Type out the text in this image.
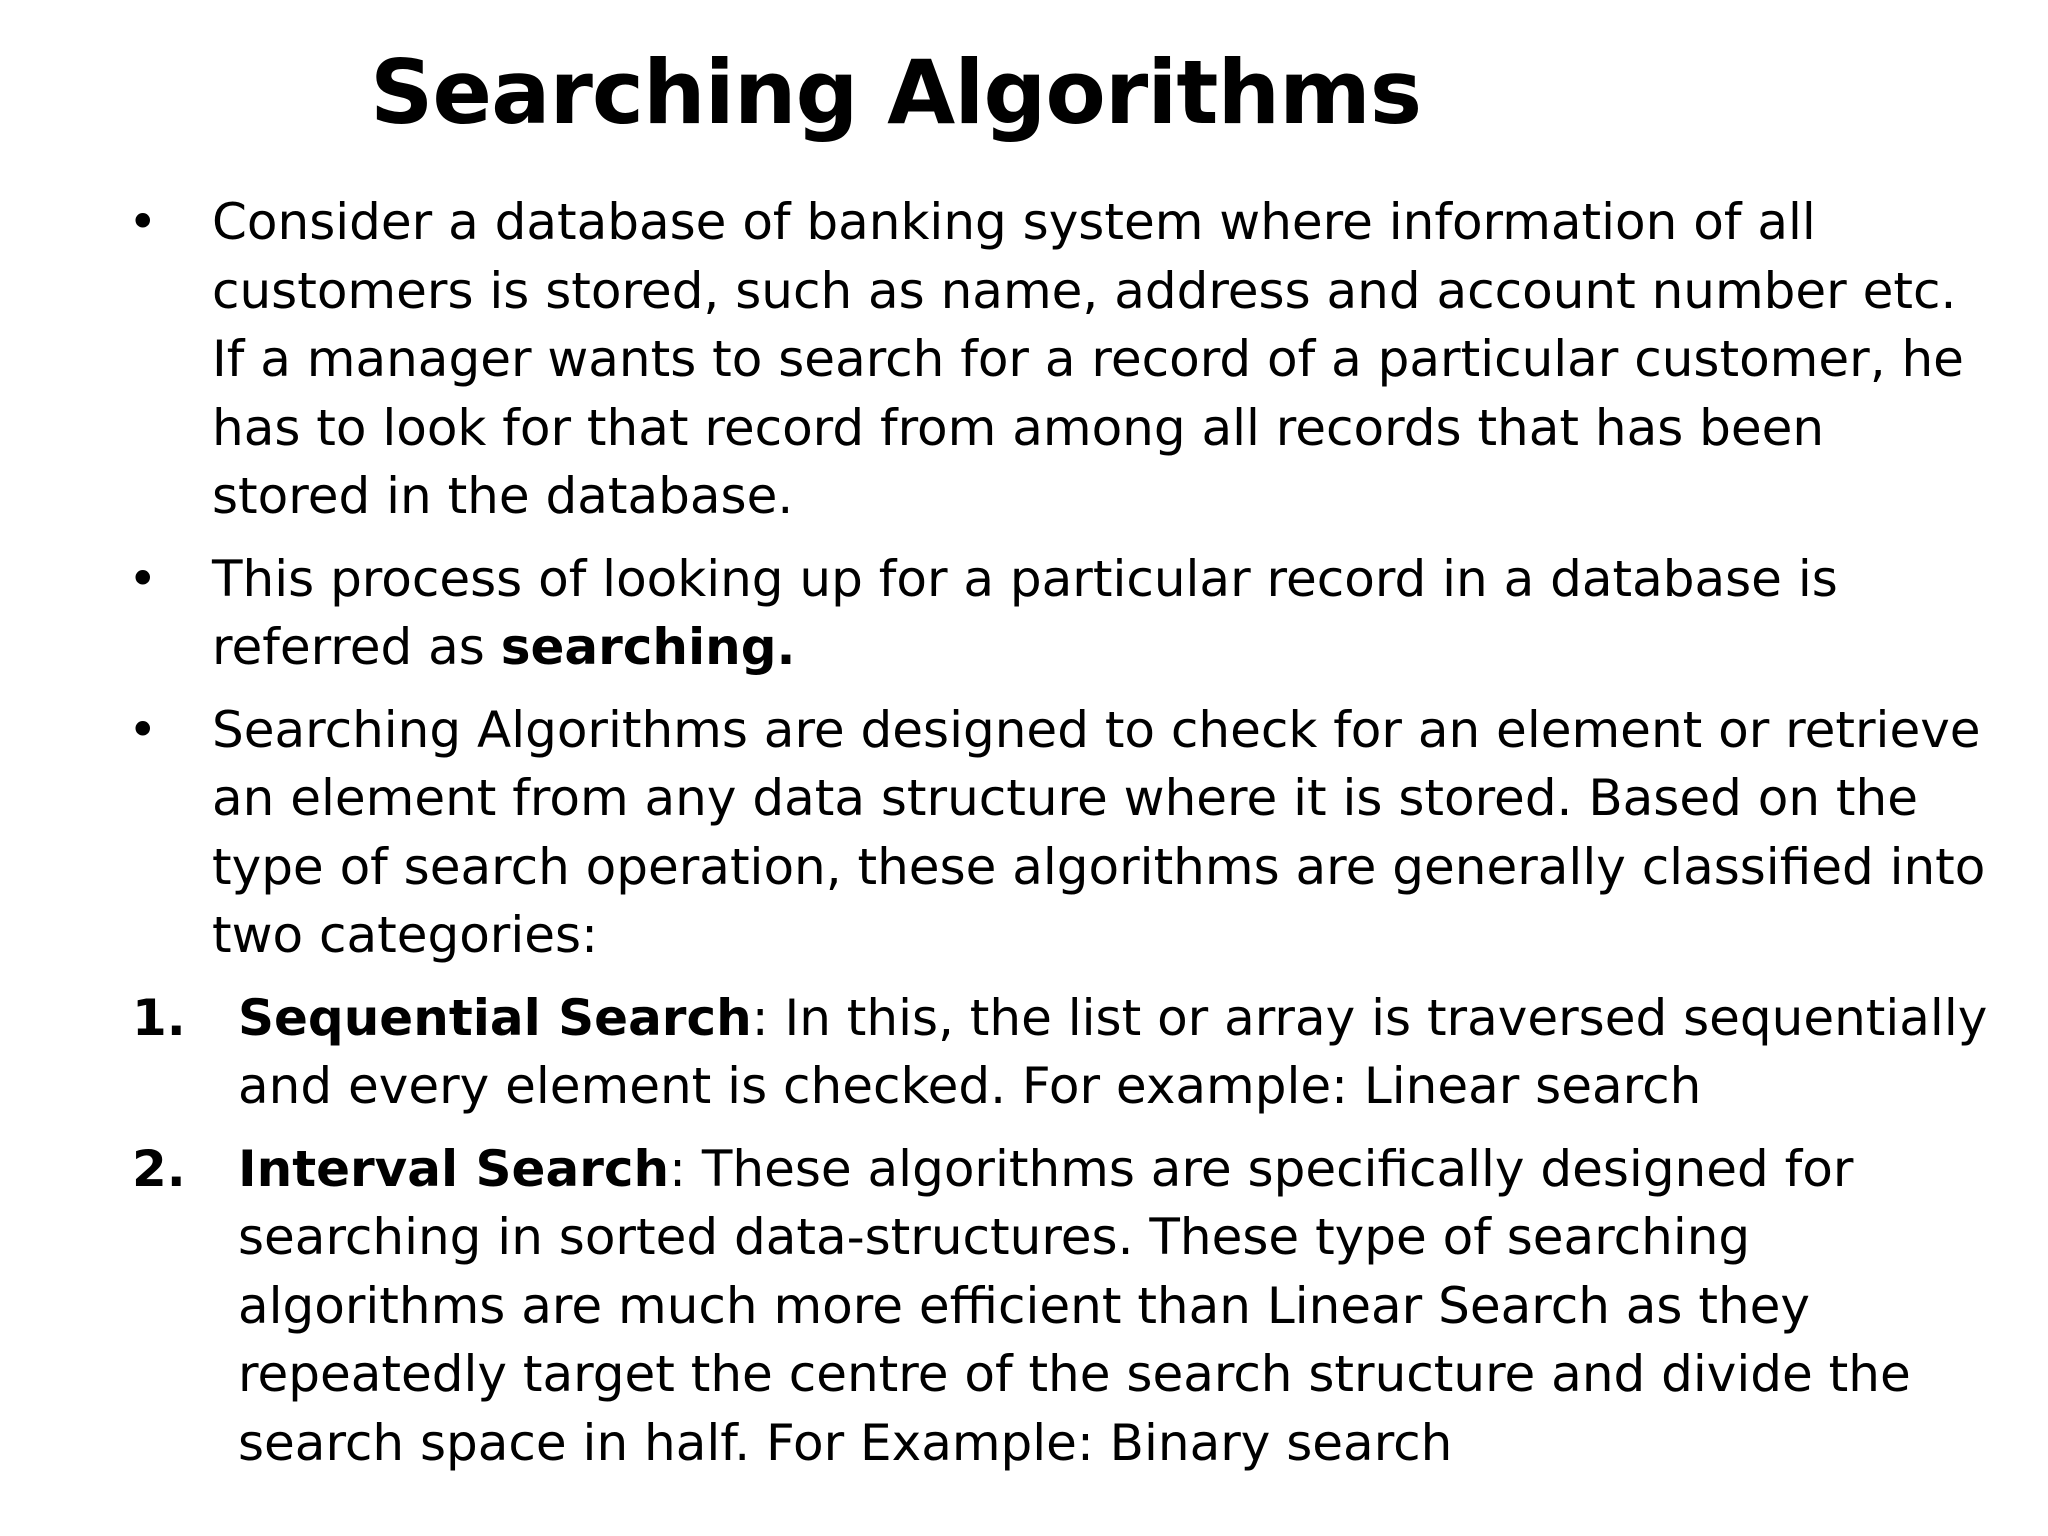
Searching Algorithms
• Consider a database of banking system where information of all customers is stored, such as name, address and account number etc. If a manager wants to search for a record of a particular customer, he has to look for that record from among all records that has been stored in the database.
• This process of looking up for a particular record in a database is referred as searching.
• Searching Algorithms are designed to check for an element or retrieve an element from any data structure where it is stored. Based on the type of search operation, these algorithms are generally classified into two categories:
1. Sequential Search: In this, the list or array is traversed sequentially and every element is checked. For example: Linear search
2. Interval Search: These algorithms are specifically designed for searching in sorted data-structures. These type of searching algorithms are much more efficient than Linear Search as they repeatedly target the centre of the search structure and divide the search space in half. For Example: Binary search
